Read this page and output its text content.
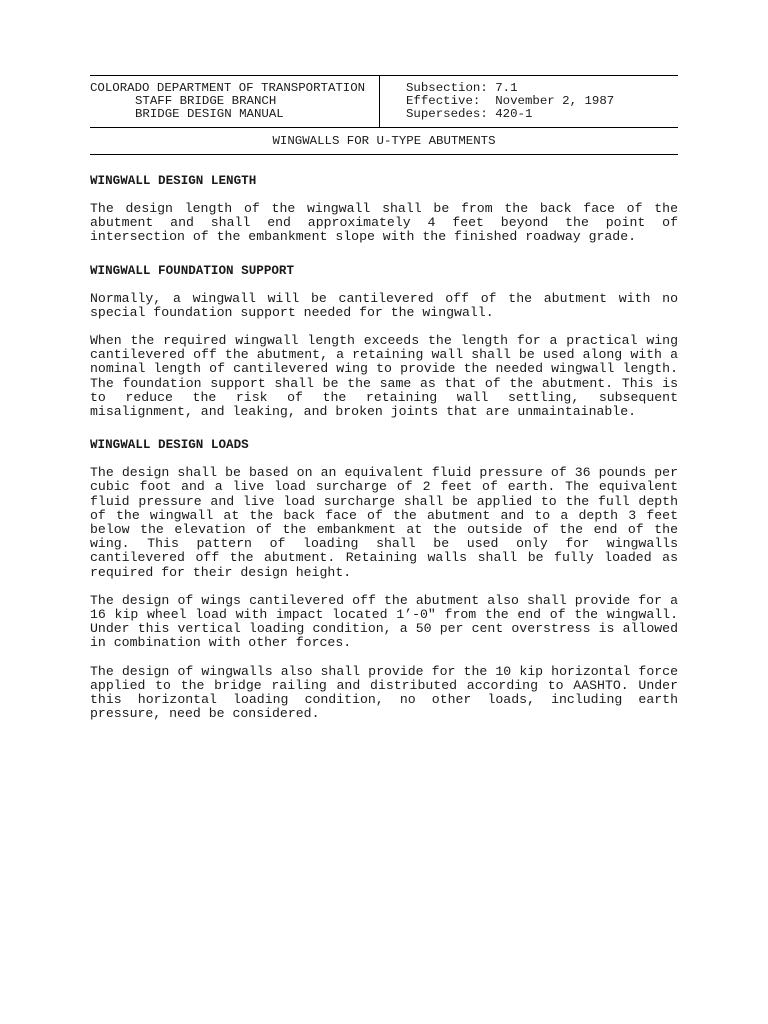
COLORADO DEPARTMENT OF TRANSPORTATION
STAFF BRIDGE BRANCH
BRIDGE DESIGN MANUAL
Subsection: 7.1
Effective:  November 2, 1987
Supersedes: 420-1
WINGWALLS FOR U-TYPE ABUTMENTS
WINGWALL DESIGN LENGTH
The design length of the wingwall shall be from the back face of the abutment and shall end approximately 4 feet beyond the point of intersection of the embankment slope with the finished roadway grade.
WINGWALL FOUNDATION SUPPORT
Normally, a wingwall will be cantilevered off of the abutment with no special foundation support needed for the wingwall.
When the required wingwall length exceeds the length for a practical wing cantilevered off the abutment, a retaining wall shall be used along with a nominal length of cantilevered wing to provide the needed wingwall length. The foundation support shall be the same as that of the abutment. This is to reduce the risk of the retaining wall settling, subsequent misalignment, and leaking, and broken joints that are unmaintainable.
WINGWALL DESIGN LOADS
The design shall be based on an equivalent fluid pressure of 36 pounds per cubic foot and a live load surcharge of 2 feet of earth. The equivalent fluid pressure and live load surcharge shall be applied to the full depth of the wingwall at the back face of the abutment and to a depth 3 feet below the elevation of the embankment at the outside of the end of the wing. This pattern of loading shall be used only for wingwalls cantilevered off the abutment. Retaining walls shall be fully loaded as required for their design height.
The design of wings cantilevered off the abutment also shall provide for a 16 kip wheel load with impact located 1’-0" from the end of the wingwall. Under this vertical loading condition, a 50 per cent overstress is allowed in combination with other forces.
The design of wingwalls also shall provide for the 10 kip horizontal force applied to the bridge railing and distributed according to AASHTO. Under this horizontal loading condition, no other loads, including earth pressure, need be considered.
